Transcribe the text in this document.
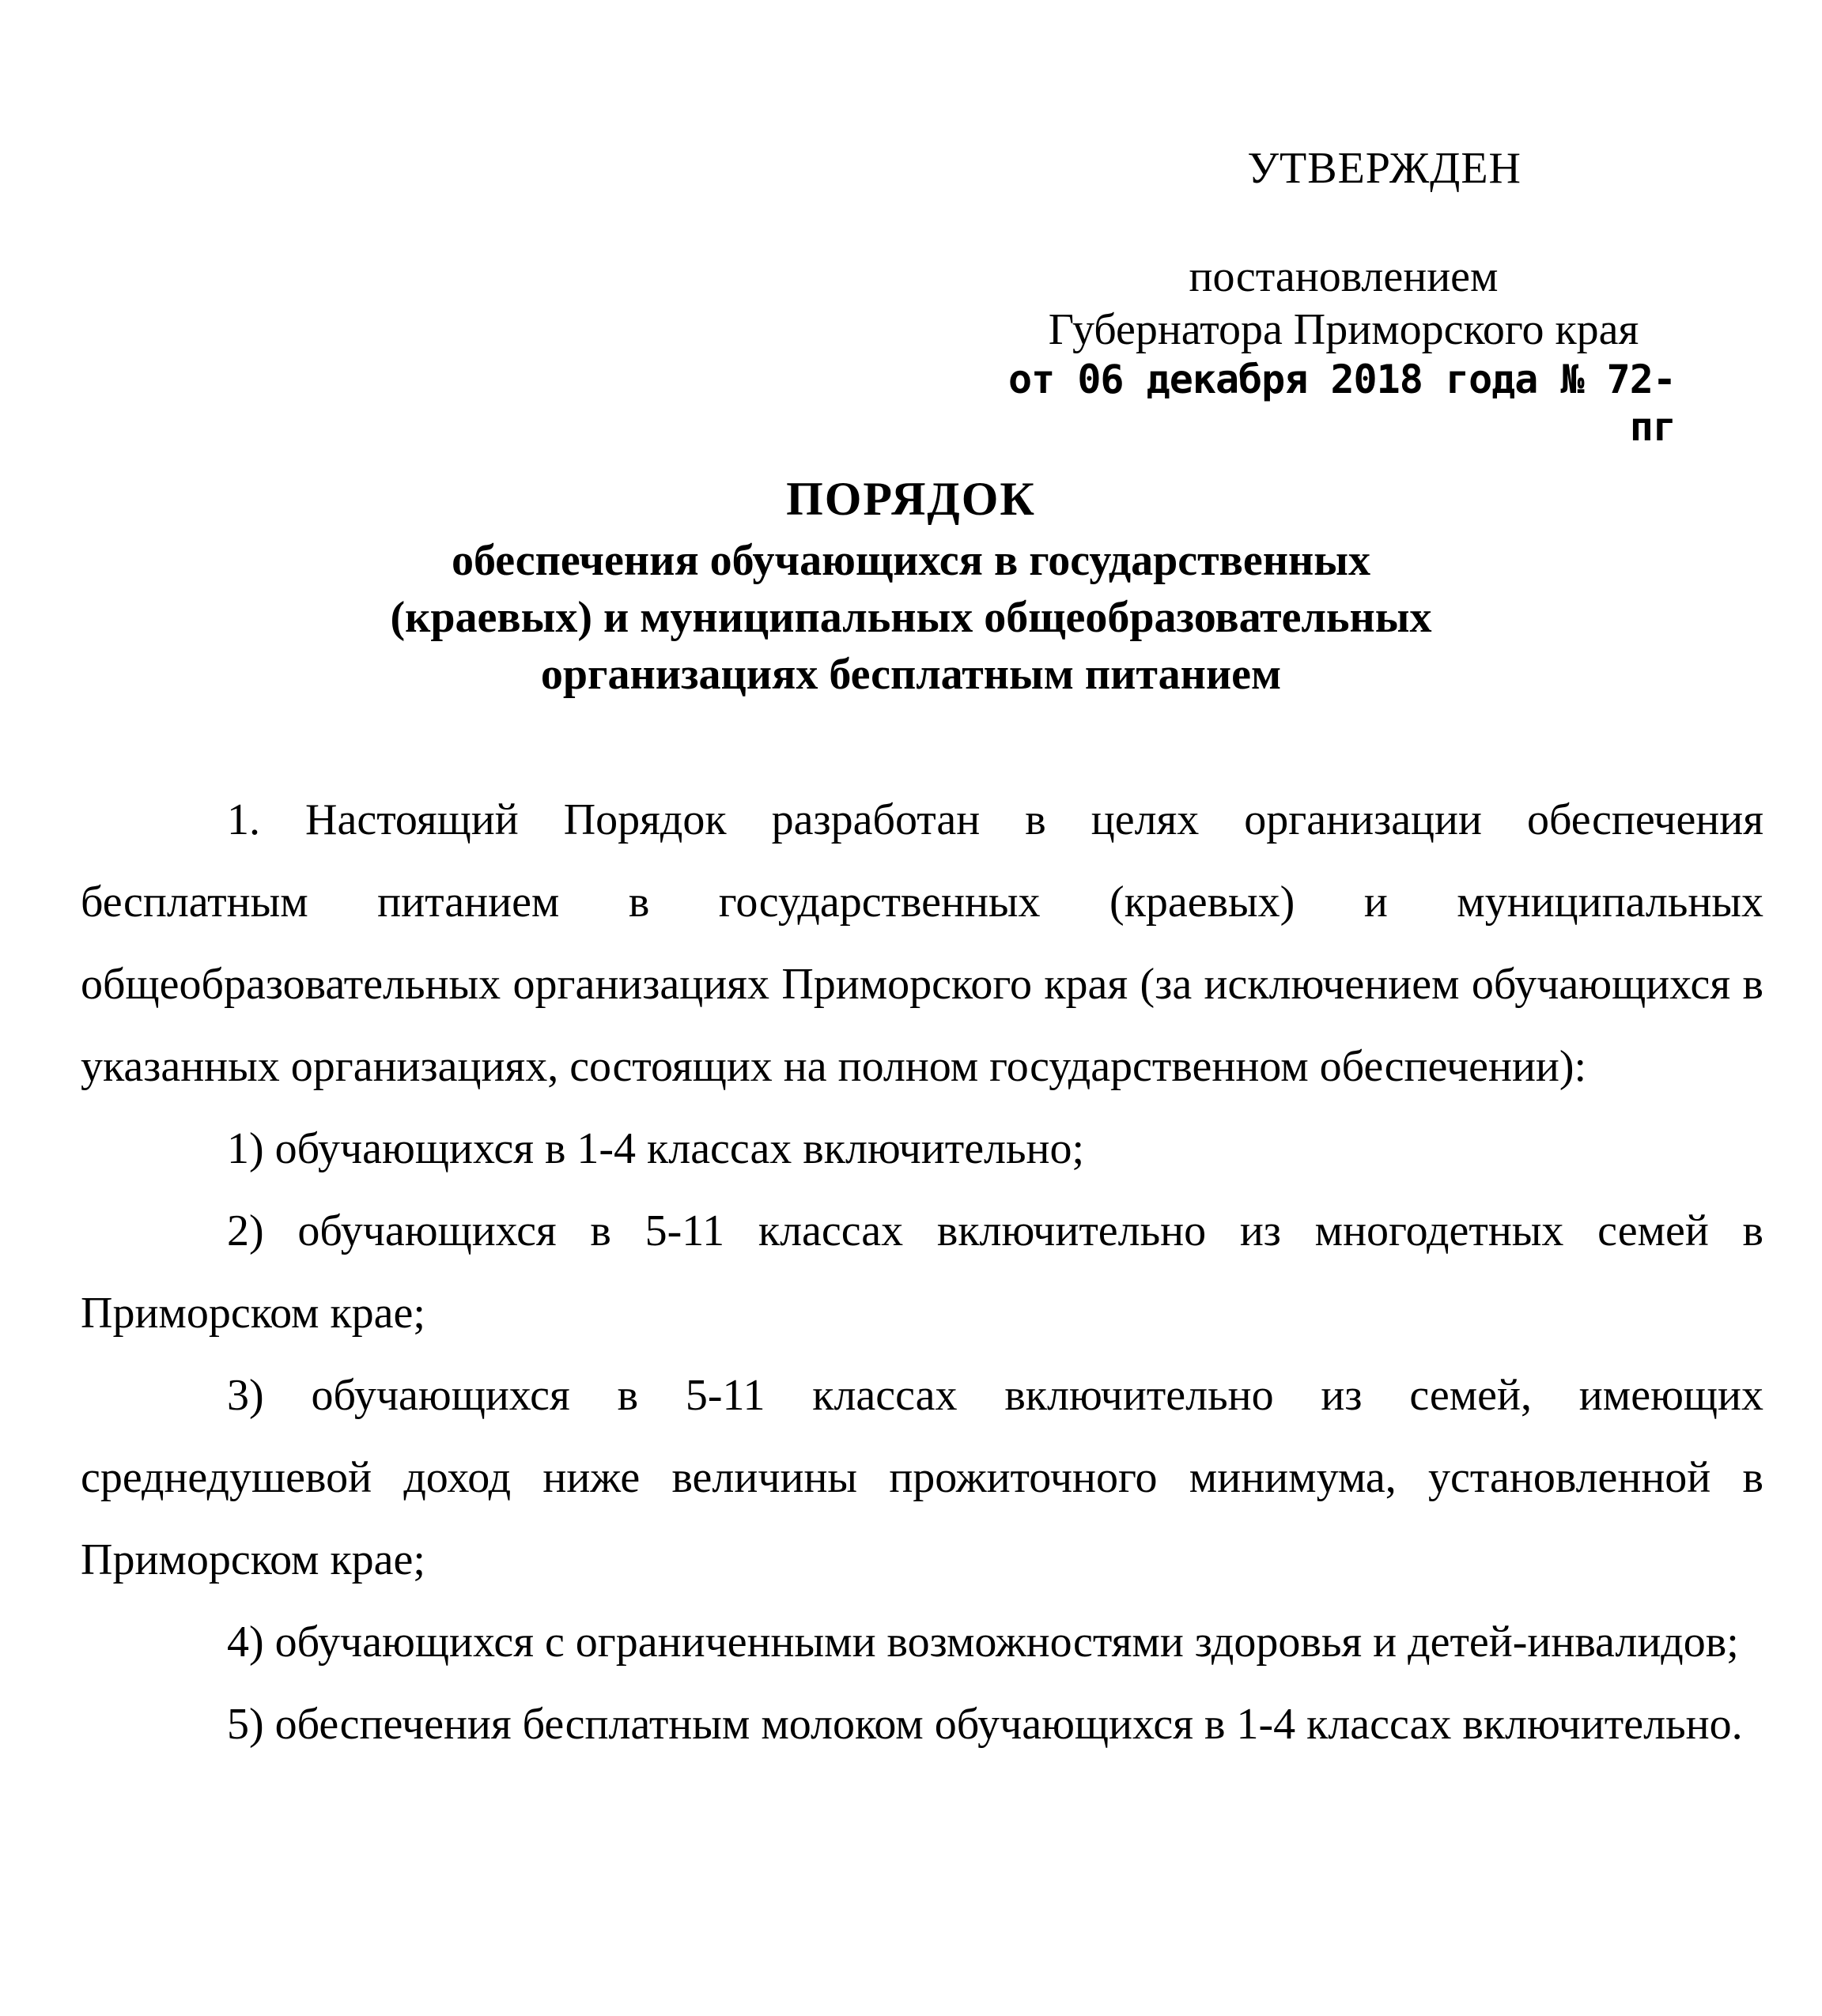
УТВЕРЖДЕН
постановлением
Губернатора Приморского края
от 06 декабря 2018 года № 72-пг
ПОРЯДОК
обеспечения обучающихся в государственных
(краевых) и муниципальных общеобразовательных
организациях бесплатным питанием

1. Настоящий Порядок разработан в целях организации обеспечения бесплатным питанием в государственных (краевых) и муниципальных общеобразовательных организациях Приморского края (за исключением обучающихся в указанных организациях, состоящих на полном государственном обеспечении):

1) обучающихся в 1-4 классах включительно;

2) обучающихся в 5-11 классах включительно из многодетных семей в Приморском крае;

3) обучающихся в 5-11 классах включительно из семей, имеющих среднедушевой доход ниже величины прожиточного минимума, установленной в Приморском крае;

4) обучающихся с ограниченными возможностями здоровья и детей-инвалидов;

5) обеспечения бесплатным молоком обучающихся в 1-4 классах включительно.
